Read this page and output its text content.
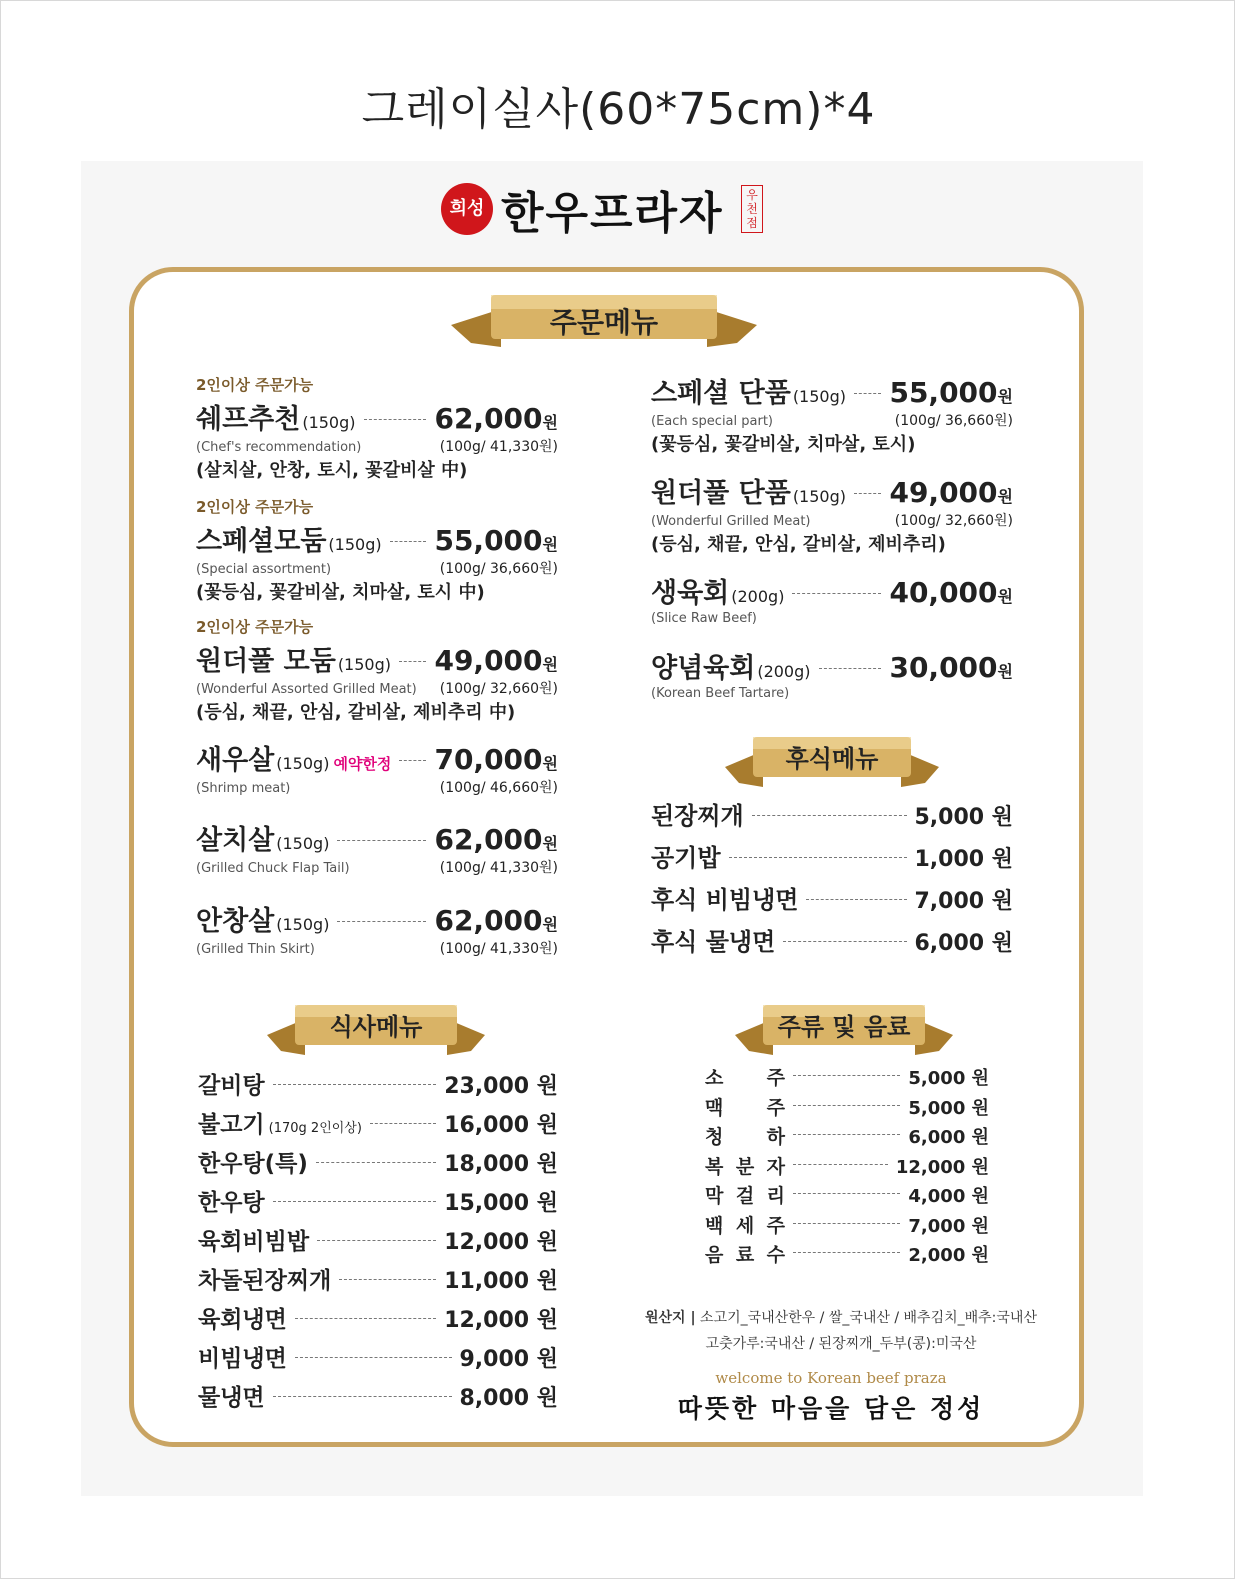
그레이실사(60*75cm)*4
희성 한우프라자	우천점
주문메뉴
후식메뉴
식사메뉴	주류 및 음료
2인이상 주문가능
쉐프추천 (150g)	62,000 원
(Chef's recommendation)	(100g/ 41,330원)
(살치살, 안창, 토시, 꽃갈비살 中)
2인이상 주문가능
스페셜모둠 (150g) 55,000 원
(Special assortment)	(100g/ 36,660원)
(꽃등심, 꽃갈비살, 치마살, 토시 中)
2인이상 주문가능
원더풀 모둠 (150g) 49,000 원
(Wonderful Assorted Grilled Meat) (100g/ 32,660원)
(등심, 채끝, 안심, 갈비살, 제비추리 中)
새우살 (150g) 예약한정 70,000 원
(Shrimp meat)	(100g/ 46,660원)
살치살 (150g)	62,000 원
(Grilled Chuck Flap Tail)	(100g/ 41,330원)
안창살 (150g)	62,000 원
(Grilled Thin Skirt)	(100g/ 41,330원)
스페셜 단품 (150g) 55,000 원
(Each special part)	(100g/ 36,660원)
(꽃등심, 꽃갈비살, 치마살, 토시)
원더풀 단품 (150g) 49,000 원
(Wonderful Grilled Meat)	(100g/ 32,660원)
(등심, 채끝, 안심, 갈비살, 제비추리)
생육회 (200g)	40,000 원
(Slice Raw Beef)
양념육회 (200g)	30,000 원
(Korean Beef Tartare)
된장찌개	5,000 원
공기밥	1,000 원
후식 비빔냉면	7,000 원
후식 물냉면	6,000 원
갈비탕	23,000 원
불고기 (170g 2인이상)	16,000 원
한우탕(특)	18,000 원
한우탕	15,000 원
육회비빔밥	12,000 원
차돌된장찌개	11,000 원
육회냉면	12,000 원
비빔냉면	9,000 원
물냉면	8,000 원
소 주	5,000 원
맥 주	5,000 원
청 하	6,000 원
복 분 자	12,000 원
막 걸 리	4,000 원
백 세 주	7,000 원
음 료 수	2,000 원
원산지 | 소고기_국내산한우 / 쌀_국내산 / 배추김치_배추:국내산
고춧가루:국내산 / 된장찌개_두부(콩):미국산
welcome to Korean beef praza
따뜻한 마음을 담은 정성
